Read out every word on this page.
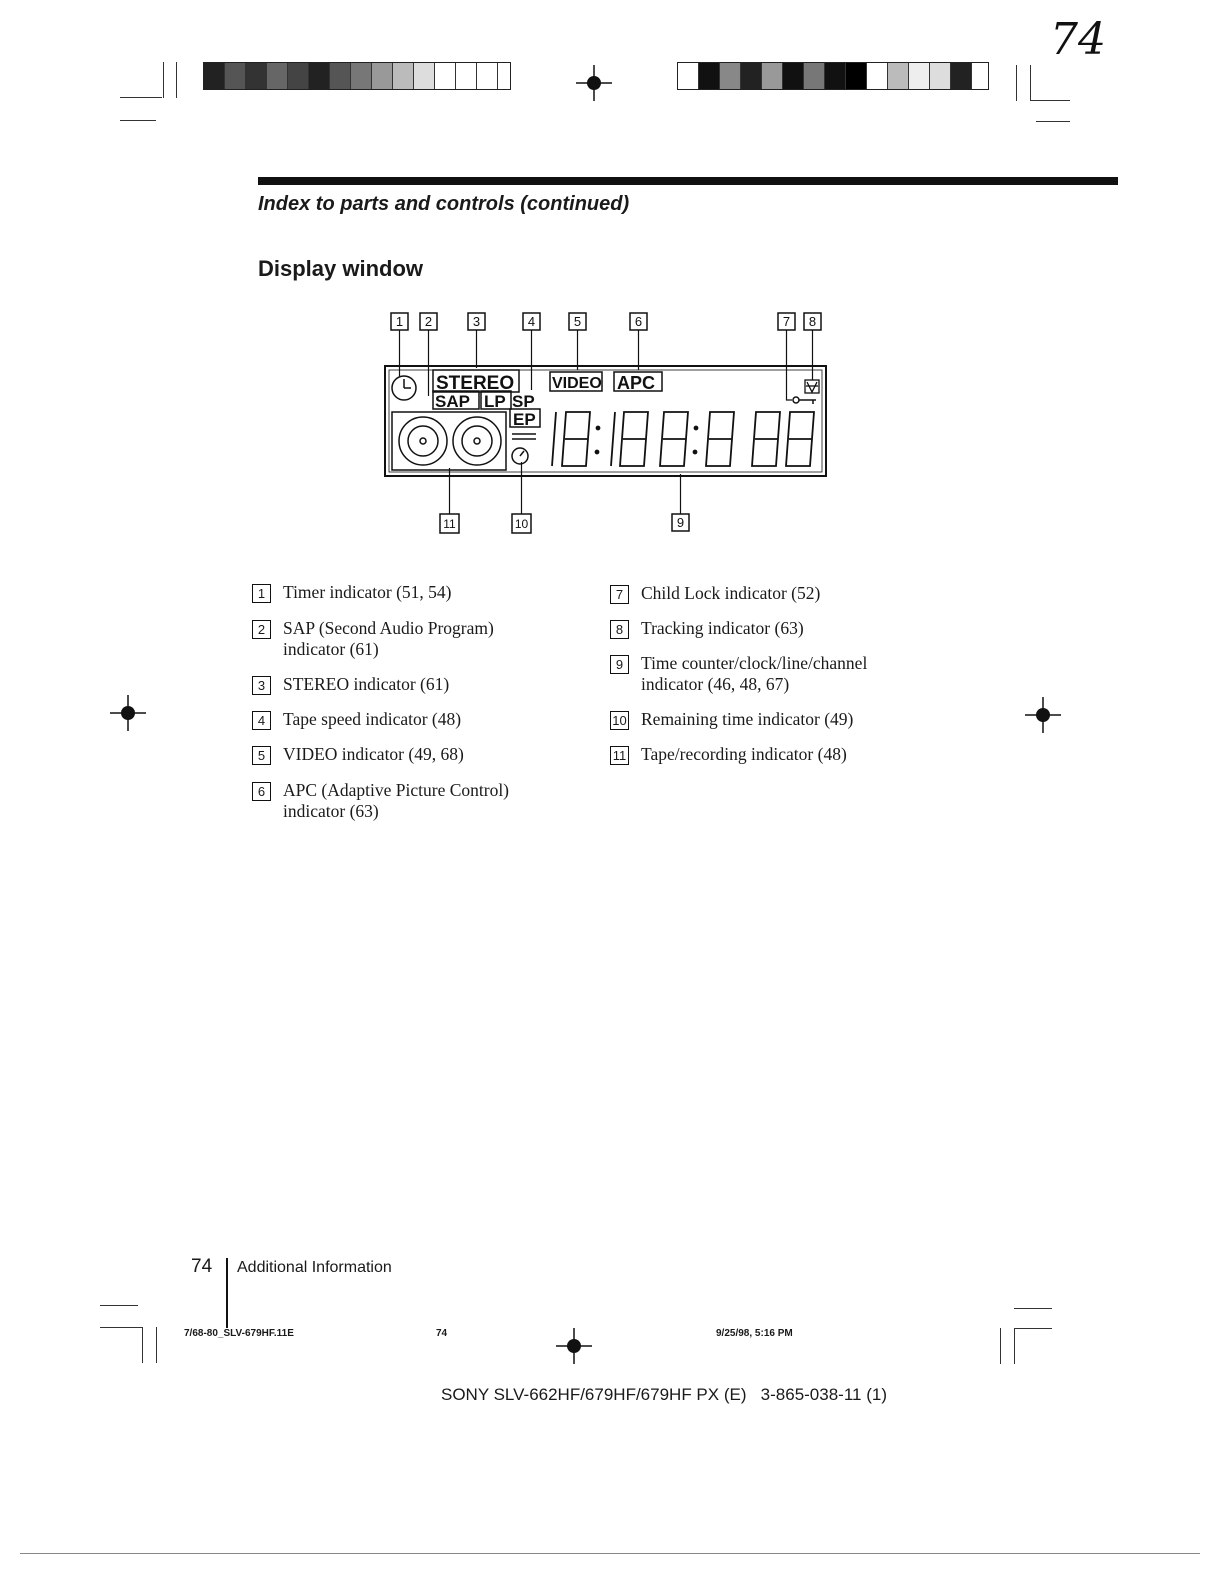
74
Index to parts and controls (continued)
Display window
1 2	3	4	5	6	7 8
11	10	9
STEREO
SAP LP SP
EP
VIDEO APC
1	Timer indicator (51, 54)
2	SAP (Second Audio Program) indicator (61)
3	STEREO indicator (61)
4	Tape speed indicator (48)
5	VIDEO indicator (49, 68)
6	APC (Adaptive Picture Control) indicator (63)
7	Child Lock indicator (52)
8	Tracking indicator (63)
9	Time counter/clock/line/channel indicator (46, 48, 67)
10 Remaining time indicator (49)
11 Tape/recording indicator (48)
74 Additional Information
7/68-80_SLV-679HF.11E	74	9/25/98, 5:16 PM
SONY SLV-662HF/679HF/679HF PX (E)   3-865-038-11 (1)
